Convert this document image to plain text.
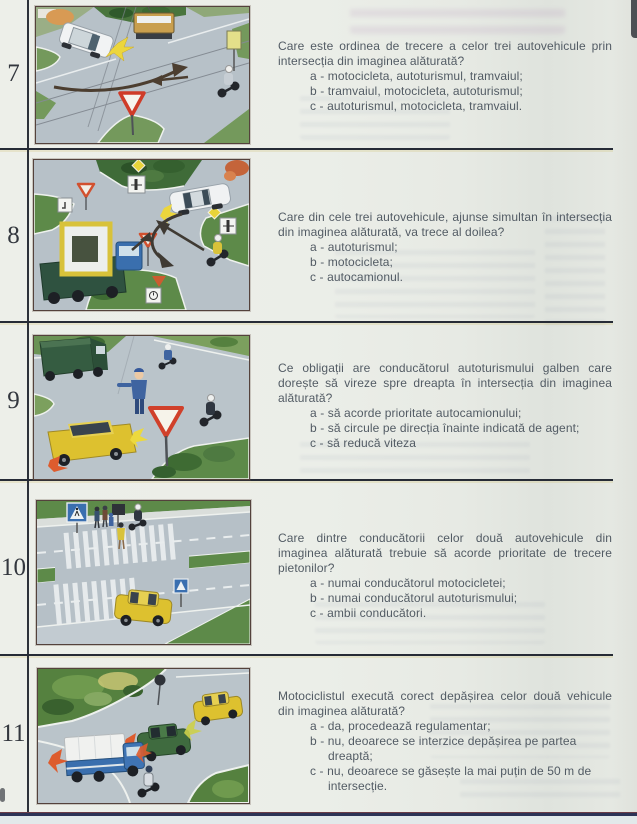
7
Care este ordinea de trecere a celor trei autovehicule prin intersecția din imaginea alăturată?
a - motocicleta, autoturismul, tramvaiul;
b - tramvaiul, motocicleta, autoturismul;
c - autoturismul, motocicleta, tramvaiul.
8
Care din cele trei autovehicule, ajunse simultan în intersecția din imaginea alăturată, va trece al doilea?
a - autoturismul;
b - motocicleta;
c - autocamionul.
9
Ce obligații are conducătorul autoturismului galben care dorește să vireze spre dreapta în intersecția din imaginea alăturată?
a - să acorde prioritate autocamionului;
b - să circule pe direcția înainte indicată de agent;
c - să reducă viteza
10
Care dintre conducătorii celor două autovehicule din imaginea alăturată trebuie să acorde prioritate de trecere pietonilor?
a - numai conducătorul motocicletei;
b - numai conducătorul autoturismului;
c - ambii conducători.
11
Motociclistul execută corect depășirea celor două vehicule din imaginea alăturată?
a - da, procedează regulamentar;
b - nu, deoarece se interzice depășirea pe partea dreaptă;
c - nu, deoarece se găsește la mai puțin de 50 m de intersecție.
